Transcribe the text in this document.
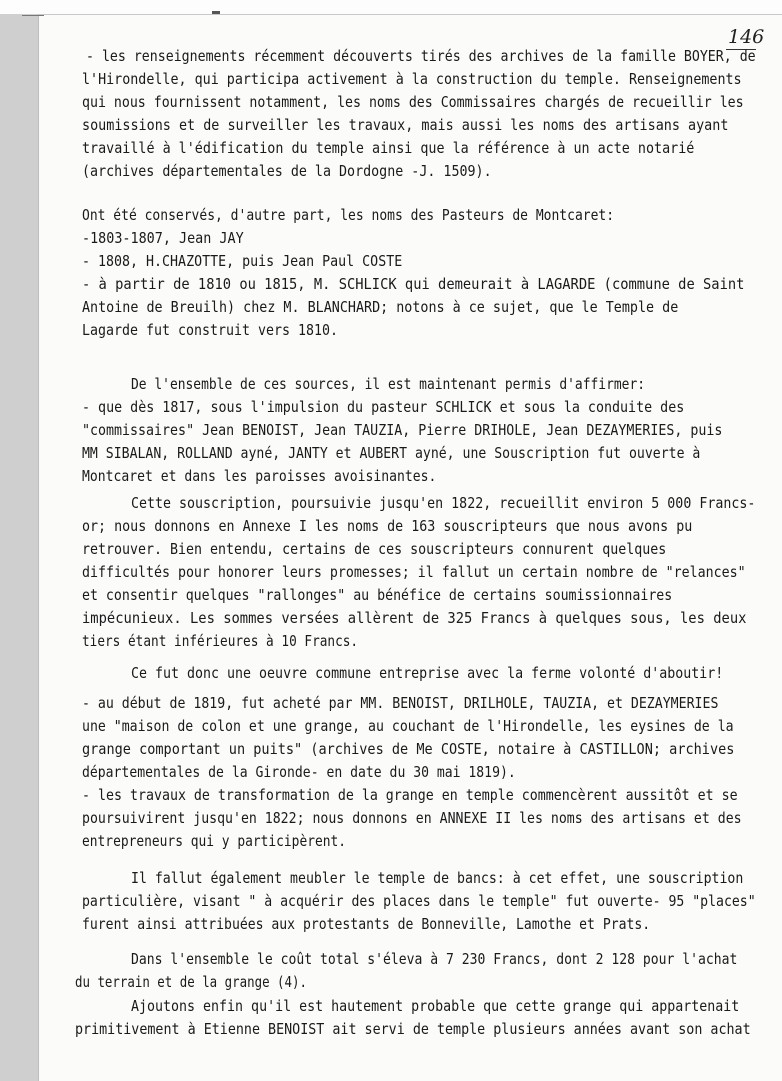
146
- les renseignements récemment découverts tirés des archives de la famille BOYER, de
l'Hirondelle, qui participa activement à la construction du temple. Renseignements
qui nous fournissent notamment, les noms des Commissaires chargés de recueillir les
soumissions et de surveiller les travaux, mais aussi les noms des artisans ayant
travaillé à l'édification du temple ainsi que la référence à un acte notarié
(archives départementales de la Dordogne -J. 1509).
Ont été conservés, d'autre part, les noms des Pasteurs de Montcaret:
-1803-1807, Jean JAY
- 1808, H.CHAZOTTE, puis Jean Paul COSTE
- à partir de 1810 ou 1815, M. SCHLICK qui demeurait à LAGARDE (commune de Saint
Antoine de Breuilh) chez M. BLANCHARD; notons à ce sujet, que le Temple de
Lagarde fut construit vers 1810.
De l'ensemble de ces sources, il est maintenant permis d'affirmer:
- que dès 1817, sous l'impulsion du pasteur SCHLICK et sous la conduite des
"commissaires" Jean BENOIST, Jean TAUZIA, Pierre DRIHOLE, Jean DEZAYMERIES, puis
MM SIBALAN, ROLLAND ayné, JANTY et AUBERT ayné, une Souscription fut ouverte à
Montcaret et dans les paroisses avoisinantes.
Cette souscription, poursuivie jusqu'en 1822, recueillit environ 5 000 Francs-
or; nous donnons en Annexe I les noms de 163 souscripteurs que nous avons pu
retrouver. Bien entendu, certains de ces souscripteurs connurent quelques
difficultés pour honorer leurs promesses; il fallut un certain nombre de "relances"
et consentir quelques "rallonges" au bénéfice de certains soumissionnaires
impécunieux. Les sommes versées allèrent de 325 Francs à quelques sous, les deux
tiers étant inférieures à 10 Francs.
Ce fut donc une oeuvre commune entreprise avec la ferme volonté d'aboutir!
- au début de 1819, fut acheté par MM. BENOIST, DRILHOLE, TAUZIA, et DEZAYMERIES
une "maison de colon et une grange, au couchant de l'Hirondelle, les eysines de la
grange comportant un puits" (archives de Me COSTE, notaire à CASTILLON; archives
départementales de la Gironde- en date du 30 mai 1819).
- les travaux de transformation de la grange en temple commencèrent aussitôt et se
poursuivirent jusqu'en 1822; nous donnons en ANNEXE II les noms des artisans et des
entrepreneurs qui y participèrent.
Il fallut également meubler le temple de bancs: à cet effet, une souscription
particulière, visant " à acquérir des places dans le temple" fut ouverte- 95 "places"
furent ainsi attribuées aux protestants de Bonneville, Lamothe et Prats.
Dans l'ensemble le coût total s'éleva à 7 230 Francs, dont 2 128 pour l'achat
du terrain et de la grange (4).
Ajoutons enfin qu'il est hautement probable que cette grange qui appartenait
primitivement à Etienne BENOIST ait servi de temple plusieurs années avant son achat
